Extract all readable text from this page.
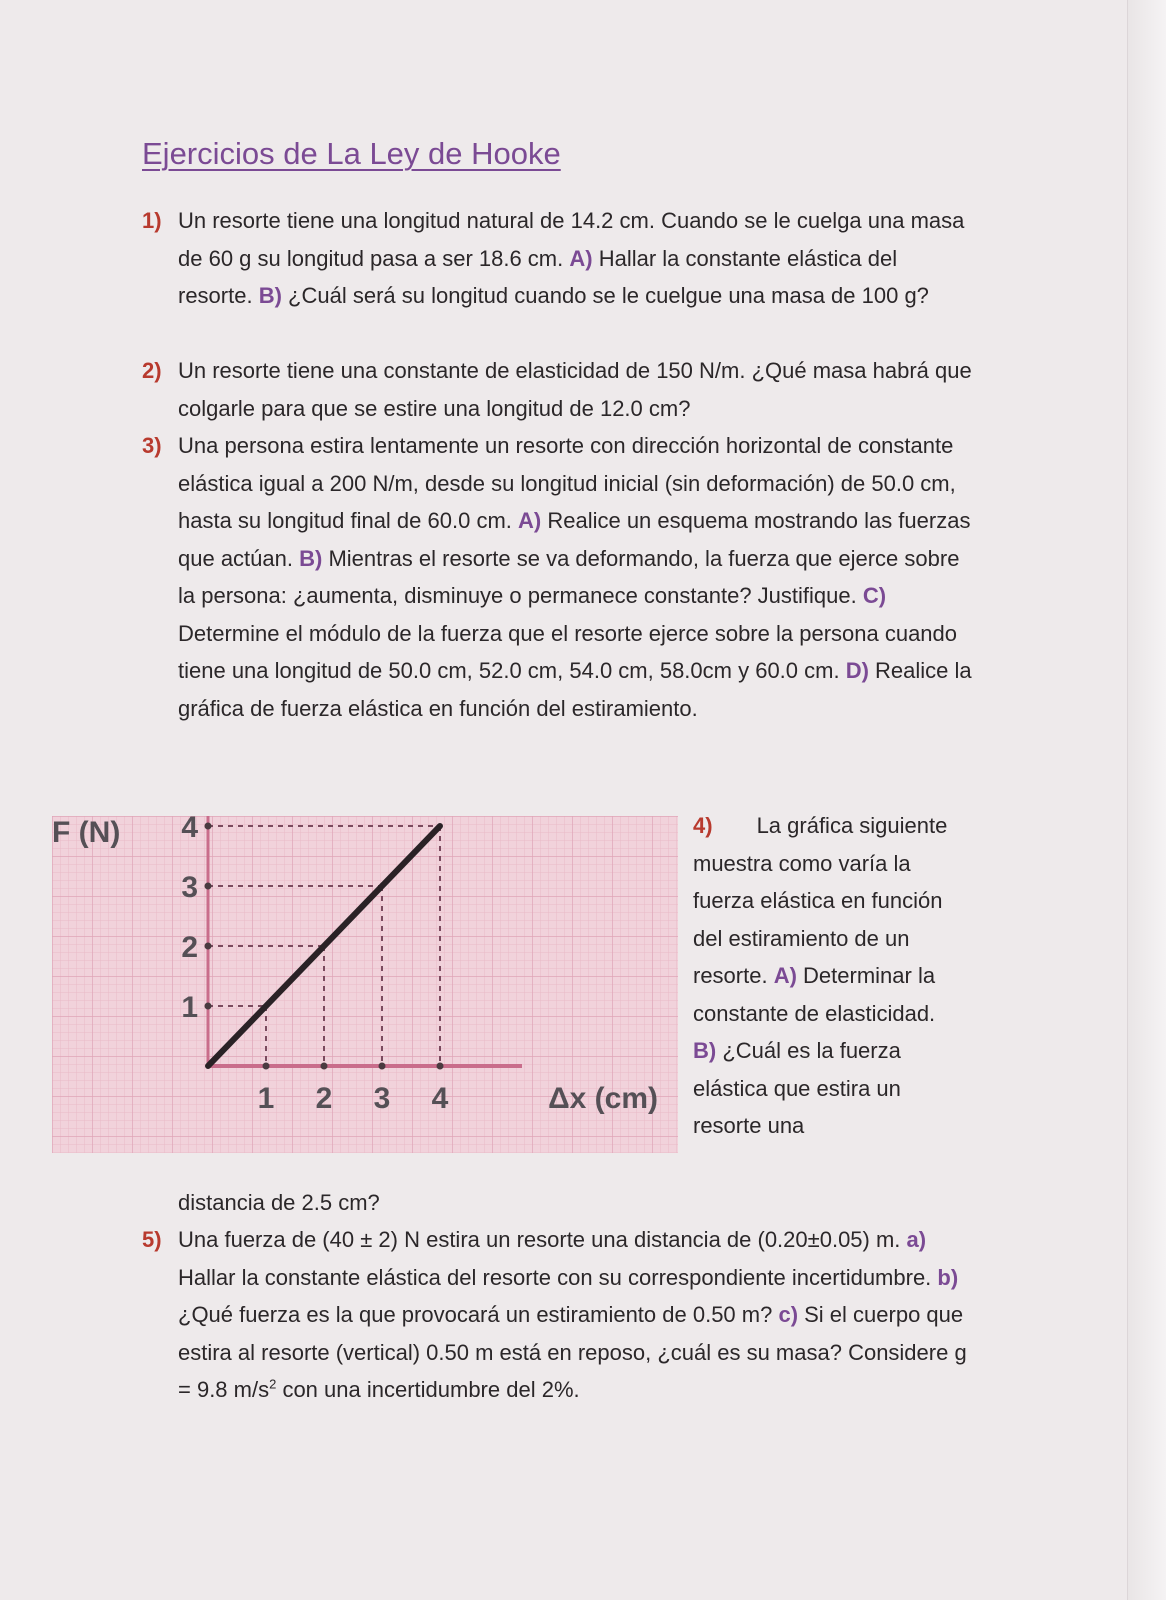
Ejercicios de La Ley de Hooke
1) Un resorte tiene una longitud natural de 14.2 cm. Cuando se le cuelga una masa de 60 g su longitud pasa a ser 18.6 cm. A) Hallar la constante elástica del resorte. B) ¿Cuál será su longitud cuando se le cuelgue una masa de 100 g?
2) Un resorte tiene una constante de elasticidad de 150 N/m. ¿Qué masa habrá que colgarle para que se estire una longitud de 12.0 cm?
3) Una persona estira lentamente un resorte con dirección horizontal de constante elástica igual a 200 N/m, desde su longitud inicial (sin deformación) de 50.0 cm, hasta su longitud final de 60.0 cm. A) Realice un esquema mostrando las fuerzas que actúan. B) Mientras el resorte se va deformando, la fuerza que ejerce sobre la persona: ¿aumenta, disminuye o permanece constante? Justifique. C) Determine el módulo de la fuerza que el resorte ejerce sobre la persona cuando tiene una longitud de 50.0 cm, 52.0 cm, 54.0 cm, 58.0cm y 60.0 cm. D) Realice la gráfica de fuerza elástica en función del estiramiento.
1 2 3 4
1
2
3
4
F (N)
Δx (cm)
4) La gráfica siguiente muestra como varía la fuerza elástica en función del estiramiento de un resorte. A) Determinar la constante de elasticidad. B) ¿Cuál es la fuerza elástica que estira un resorte una
distancia de 2.5 cm?
5) Una fuerza de (40 ± 2) N estira un resorte una distancia de (0.20±0.05) m. a) Hallar la constante elástica del resorte con su correspondiente incertidumbre. b) ¿Qué fuerza es la que provocará un estiramiento de 0.50 m? c) Si el cuerpo que estira al resorte (vertical) 0.50 m está en reposo, ¿cuál es su masa? Considere g = 9.8 $m/s^2$ con una incertidumbre del 2%.
